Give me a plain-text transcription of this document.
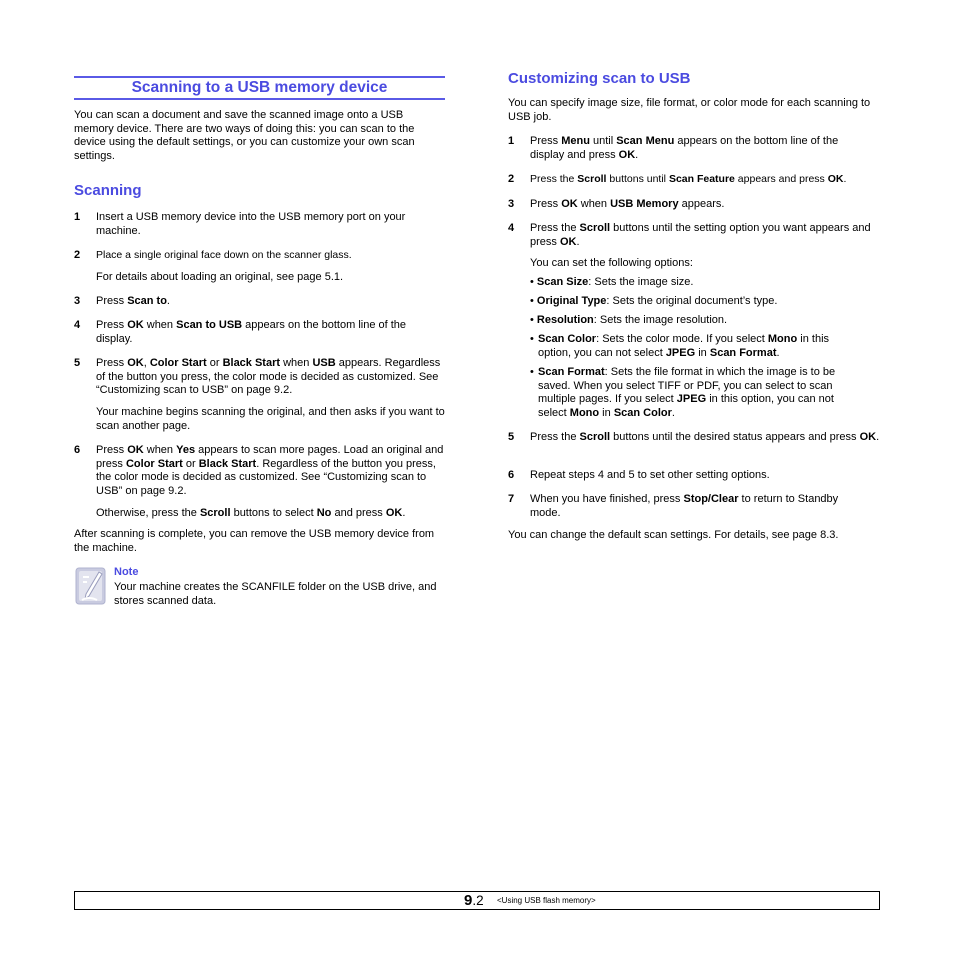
Scanning to a USB memory device
You can scan a document and save the scanned image onto a USB memory device. There are two ways of doing this: you can scan to the device using the default settings, or you can customize your own scan settings.
Scanning
1 Insert a USB memory device into the USB memory port on your machine.
2 Place a single original face down on the scanner glass.
For details about loading an original, see page 5.1.
3 Press Scan to.
4 Press OK when Scan to USB appears on the bottom line of the display.
5 Press OK, Color Start or Black Start when USB appears. Regardless of the button you press, the color mode is decided as customized. See “Customizing scan to USB” on page 9.2.
Your machine begins scanning the original, and then asks if you want to scan another page.
6 Press OK when Yes appears to scan more pages. Load an original and press Color Start or Black Start. Regardless of the button you press, the color mode is decided as customized. See “Customizing scan to USB” on page 9.2.
Otherwise, press the Scroll buttons to select No and press OK.
After scanning is complete, you can remove the USB memory device from the machine.
Note
Your machine creates the SCANFILE folder on the USB drive, and stores scanned data.
Customizing scan to USB
You can specify image size, file format, or color mode for each scanning to USB job.
1 Press Menu until Scan Menu appears on the bottom line of the display and press OK.
2 Press the Scroll buttons until Scan Feature appears and press OK.
3 Press OK when USB Memory appears.
4 Press the Scroll buttons until the setting option you want appears and press OK.
You can set the following options:
• Scan Size: Sets the image size.
• Original Type: Sets the original document’s type.
• Resolution: Sets the image resolution.
• Scan Color: Sets the color mode. If you select Mono in this option, you can not select JPEG in Scan Format.
• Scan Format: Sets the file format in which the image is to be saved. When you select TIFF or PDF, you can select to scan multiple pages. If you select JPEG in this option, you can not select Mono in Scan Color.
5 Press the Scroll buttons until the desired status appears and press OK.
6 Repeat steps 4 and 5 to set other setting options.
7 When you have finished, press Stop/Clear to return to Standby mode.
You can change the default scan settings. For details, see page 8.3.
9.2 <Using USB flash memory>
